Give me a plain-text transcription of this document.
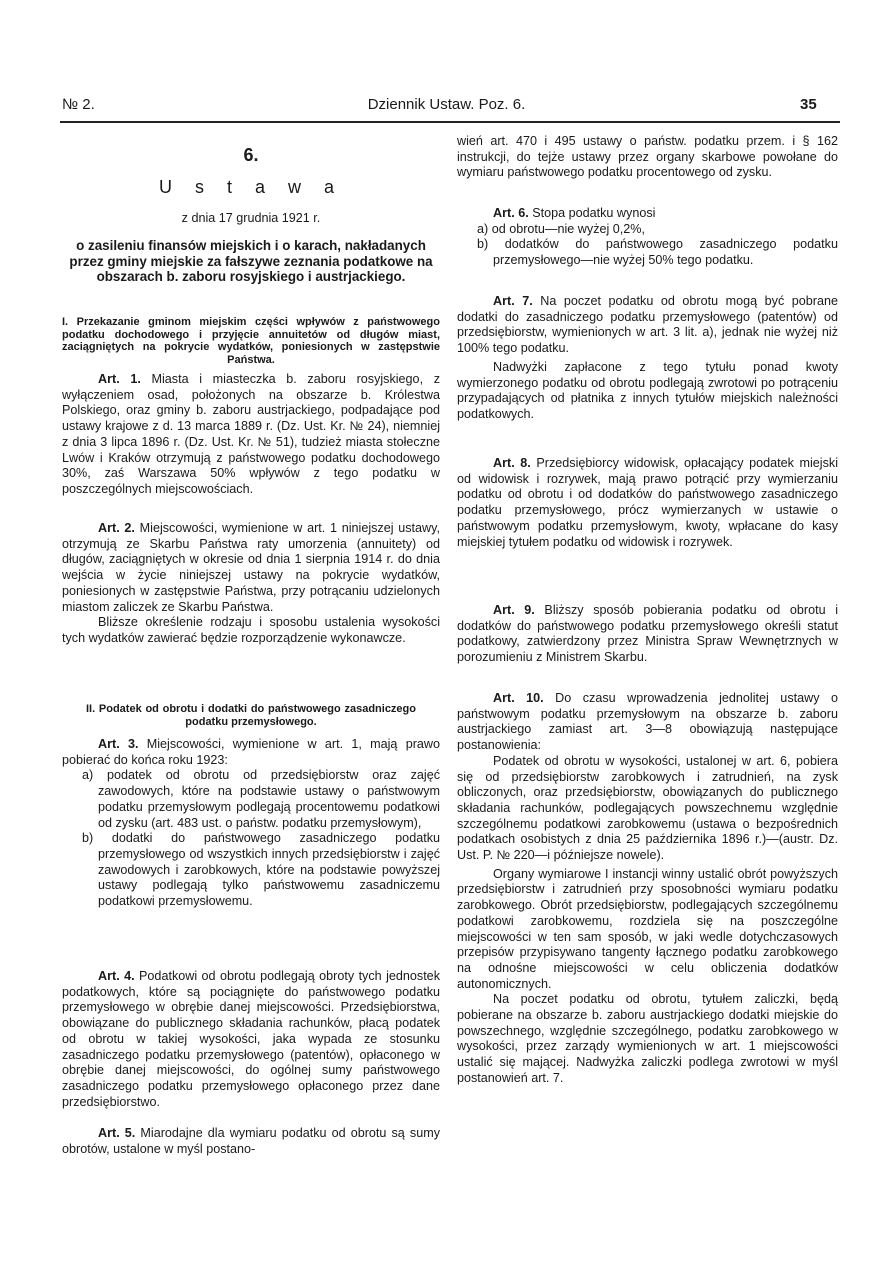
№ 2.	Dziennik Ustaw. Poz. 6.	35
6.
U s t a w a
z dnia 17 grudnia 1921 r.
o zasileniu finansów miejskich i o karach, nakładanych przez gminy miejskie za fałszywe zeznania podatkowe na obszarach b. zaboru rosyjskiego i austrjackiego.
I. Przekazanie gminom miejskim części wpływów z państwowego podatku dochodowego i przyjęcie annuitetów od długów miast, zaciągniętych na pokrycie wydatków, poniesionych w zastępstwie Państwa.

Art. 1. Miasta i miasteczka b. zaboru rosyjskiego, z wyłączeniem osad, położonych na obszarze b. Królestwa Polskiego, oraz gminy b. zaboru austrjackiego, podpadające pod ustawy krajowe z d. 13 marca 1889 r. (Dz. Ust. Kr. № 24), niemniej z dnia 3 lipca 1896 r. (Dz. Ust. Kr. № 51), tudzież miasta stołeczne Lwów i Kraków otrzymują z państwowego podatku dochodowego 30%, zaś Warszawa 50% wpływów z tego podatku w poszczególnych miejscowościach.

Art. 2. Miejscowości, wymienione w art. 1 niniejszej ustawy, otrzymują ze Skarbu Państwa raty umorzenia (annuitety) od długów, zaciągniętych w okresie od dnia 1 sierpnia 1914 r. do dnia wejścia w życie niniejszej ustawy na pokrycie wydatków, poniesionych w zastępstwie Państwa, przy potrącaniu udzielonych miastom zaliczek ze Skarbu Państwa.

Bliższe określenie rodzaju i sposobu ustalenia wysokości tych wydatków zawierać będzie rozporządzenie wykonawcze.

II. Podatek od obrotu i dodatki do państwowego zasadniczego podatku przemysłowego.

Art. 3. Miejscowości, wymienione w art. 1, mają prawo pobierać do końca roku 1923:

a) podatek od obrotu od przedsiębiorstw oraz zajęć zawodowych, które na podstawie ustawy o państwowym podatku przemysłowym podlegają procentowemu podatkowi od zysku (art. 483 ust. o państw. podatku przemysłowym),

b) dodatki do państwowego zasadniczego podatku przemysłowego od wszystkich innych przedsiębiorstw i zajęć zawodowych i zarobkowych, które na podstawie powyższej ustawy podlegają tylko państwowemu zasadniczemu podatkowi przemysłowemu.

Art. 4. Podatkowi od obrotu podlegają obroty tych jednostek podatkowych, które są pociągnięte do państwowego podatku przemysłowego w obrębie danej miejscowości. Przedsiębiorstwa, obowiązane do publicznego składania rachunków, płacą podatek od obrotu w takiej wysokości, jaka wypada ze stosunku zasadniczego podatku przemysłowego (patentów), opłaconego w obrębie danej miejscowości, do ogólnej sumy państwowego zasadniczego podatku przemysłowego opłaconego przez dane przedsiębiorstwo.

Art. 5. Miarodajne dla wymiaru podatku od obrotu są sumy obrotów, ustalone w myśl postano-

wień art. 470 i 495 ustawy o państw. podatku przem. i § 162 instrukcji, do tejże ustawy przez organy skarbowe powołane do wymiaru państwowego podatku procentowego od zysku.

Art. 6. Stopa podatku wynosi

a) od obrotu—nie wyżej 0,2%,

b) dodatków do państwowego zasadniczego podatku przemysłowego—nie wyżej 50% tego podatku.

Art. 7. Na poczet podatku od obrotu mogą być pobrane dodatki do zasadniczego podatku przemysłowego (patentów) od przedsiębiorstw, wymienionych w art. 3 lit. a), jednak nie wyżej niż 100% tego podatku.

Nadwyżki zapłacone z tego tytułu ponad kwoty wymierzonego podatku od obrotu podlegają zwrotowi po potrąceniu przypadających od płatnika z innych tytułów miejskich należności podatkowych.

Art. 8. Przedsiębiorcy widowisk, opłacający podatek miejski od widowisk i rozrywek, mają prawo potrącić przy wymierzaniu podatku od obrotu i od dodatków do państwowego zasadniczego podatku przemysłowego, prócz wymierzanych w ustawie o państwowym podatku przemysłowym, kwoty, wpłacane do kasy miejskiej tytułem podatku od widowisk i rozrywek.

Art. 9. Bliższy sposób pobierania podatku od obrotu i dodatków do państwowego podatku przemysłowego określi statut podatkowy, zatwierdzony przez Ministra Spraw Wewnętrznych w porozumieniu z Ministrem Skarbu.

Art. 10. Do czasu wprowadzenia jednolitej ustawy o państwowym podatku przemysłowym na obszarze b. zaboru austrjackiego zamiast art. 3—8 obowiązują następujące postanowienia:

Podatek od obrotu w wysokości, ustalonej w art. 6, pobiera się od przedsiębiorstw zarobkowych i zatrudnień, na zysk obliczonych, oraz przedsiębiorstw, obowiązanych do publicznego składania rachunków, podlegających powszechnemu względnie szczególnemu podatkowi zarobkowemu (ustawa o bezpośrednich podatkach osobistych z dnia 25 października 1896 r.)—(austr. Dz. Ust. P. № 220—i późniejsze nowele).

Organy wymiarowe I instancji winny ustalić obrót powyższych przedsiębiorstw i zatrudnień przy sposobności wymiaru podatku zarobkowego. Obrót przedsiębiorstw, podlegających szczególnemu podatkowi zarobkowemu, rozdziela się na poszczególne miejscowości w ten sam sposób, w jaki wedle dotychczasowych przepisów przypisywano tangenty łącznego podatku zarobkowego na odnośne miejscowości w celu obliczenia dodatków autonomicznych.

Na poczet podatku od obrotu, tytułem zaliczki, będą pobierane na obszarze b. zaboru austrjackiego dodatki miejskie do powszechnego, względnie szczególnego, podatku zarobkowego w wysokości, przez zarządy wymienionych w art. 1 miejscowości ustalić się mającej. Nadwyżka zaliczki podlega zwrotowi w myśl postanowień art. 7.
